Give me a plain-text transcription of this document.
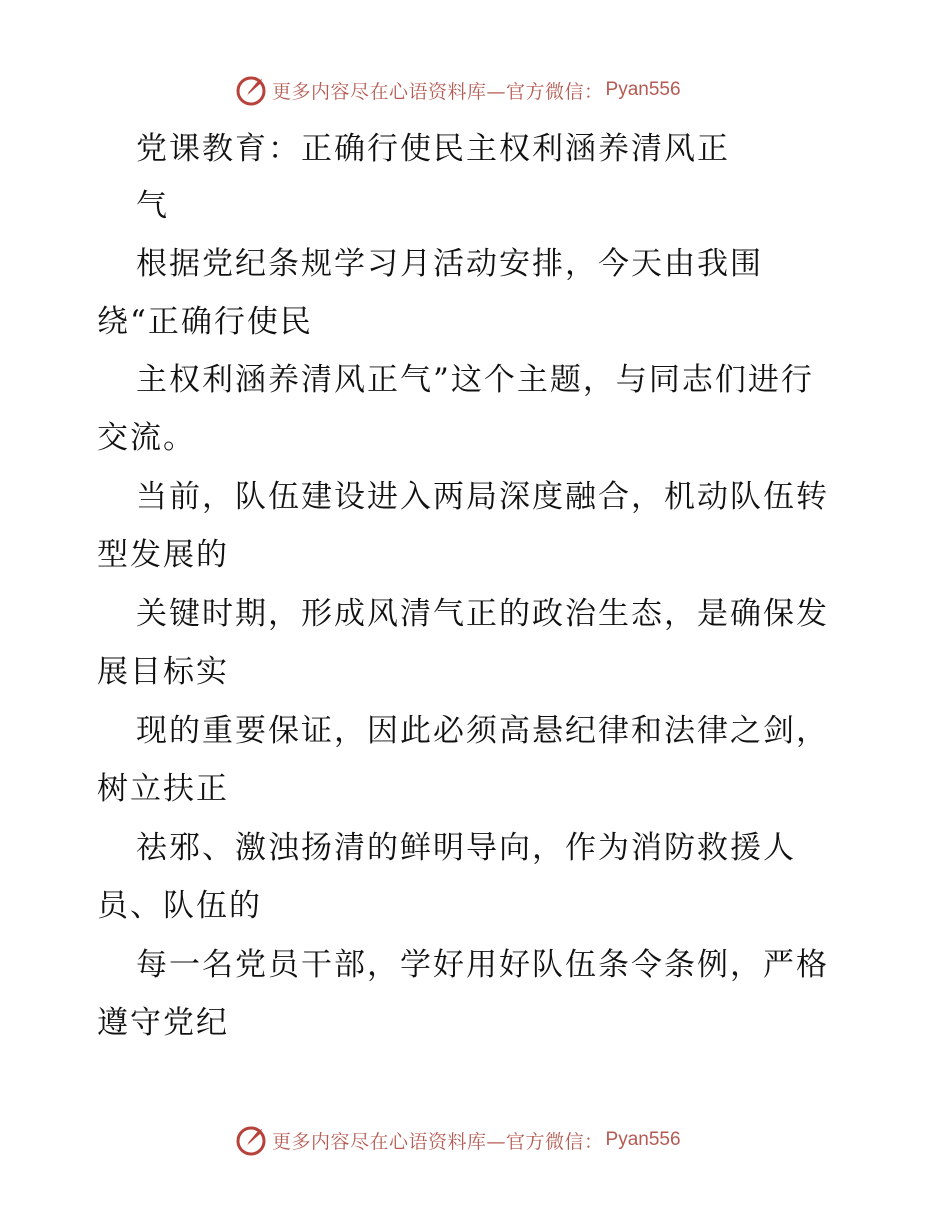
更多内容尽在心语资料库—官方微信： Pyan556
党课教育：正确行使民主权利涵养清风正
气
根据党纪条规学习月活动安排，今天由我围
绕“正确行使民
主权利涵养清风正气”这个主题，与同志们进行
交流。
当前，队伍建设进入两局深度融合，机动队伍转
型发展的
关键时期，形成风清气正的政治生态，是确保发
展目标实
现的重要保证，因此必须高悬纪律和法律之剑，
树立扶正
祛邪、激浊扬清的鲜明导向，作为消防救援人
员、队伍的
每一名党员干部，学好用好队伍条令条例，严格
遵守党纪
更多内容尽在心语资料库—官方微信： Pyan556
